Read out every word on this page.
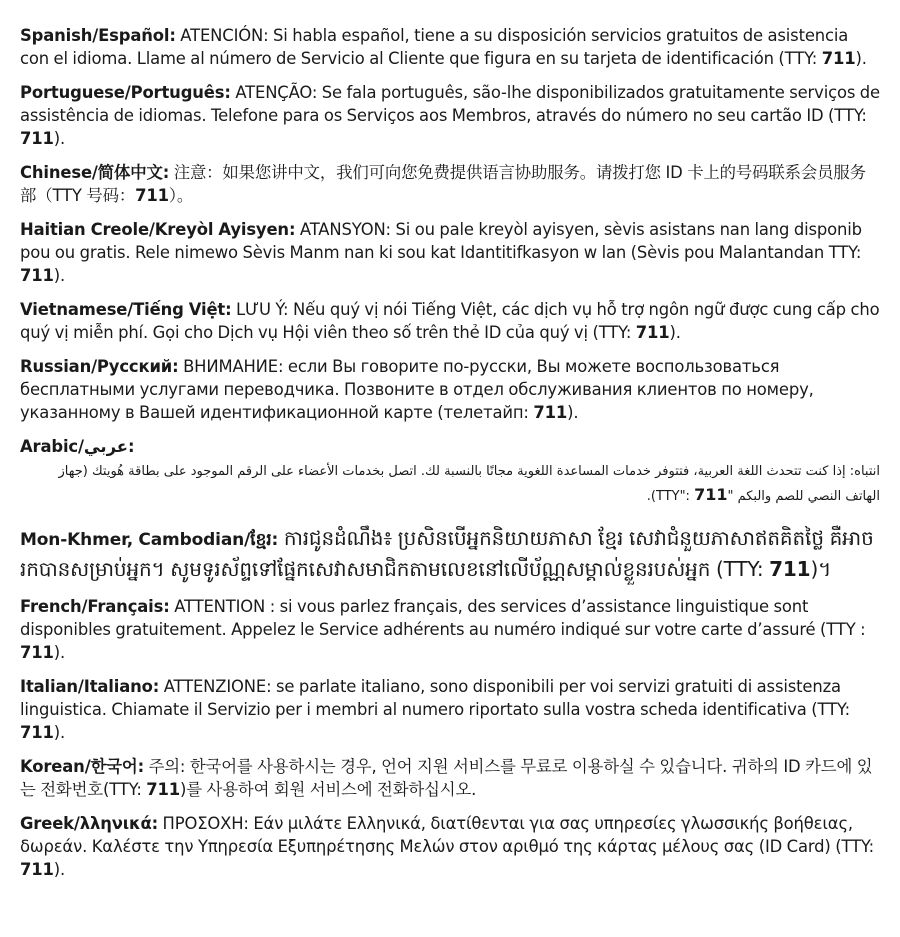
Spanish/Español: ATENCIÓN: Si habla español, tiene a su disposición servicios gratuitos de asistencia con el idioma. Llame al número de Servicio al Cliente que figura en su tarjeta de identificación (TTY: 711).

Portuguese/Português: ATENÇÃO: Se fala português, são-lhe disponibilizados gratuitamente serviços de assistência de idiomas. Telefone para os Serviços aos Membros, através do número no seu cartão ID (TTY: 711).

Chinese/简体中文: 注意：如果您讲中文，我们可向您免费提供语言协助服务。请拨打您 ID 卡上的号码联系会员服务部（TTY 号码：711）。

Haitian Creole/Kreyòl Ayisyen: ATANSYON: Si ou pale kreyòl ayisyen, sèvis asistans nan lang disponib pou ou gratis. Rele nimewo Sèvis Manm nan ki sou kat Idantitifkasyon w lan (Sèvis pou Malantandan TTY: 711).

Vietnamese/Tiếng Việt: LƯU Ý: Nếu quý vị nói Tiếng Việt, các dịch vụ hỗ trợ ngôn ngữ được cung cấp cho quý vị miễn phí. Gọi cho Dịch vụ Hội viên theo số trên thẻ ID của quý vị (TTY: 711).

Russian/Русский: ВНИМАНИЕ: если Вы говорите по-русски, Вы можете воспользоваться бесплатными услугами переводчика. Позвоните в отдел обслуживания клиентов по номеру, указанному в Вашей идентификационной карте (телетайп: 711).

Arabic/عربي:

انتباه: إذا كنت تتحدث اللغة العربية، فتتوفر خدمات المساعدة اللغوية مجانًا بالنسبة لك. اتصل بخدمات الأعضاء على الرقم الموجود على بطاقة هُويتك (جهاز الهاتف النصي للصم والبكم "TTY": 711).

Mon-Khmer, Cambodian/ខ្មែរ: ការជូនដំណឹង៖ ប្រសិនបើអ្នកនិយាយភាសា ខ្មែរ សេវាជំនួយភាសាឥតគិតថ្លៃ គឺអាចរកបានសម្រាប់អ្នក។ សូមទូរស័ព្ទទៅផ្នែកសេវាសមាជិកតាមលេខនៅលើប័ណ្ណសម្គាល់ខ្លួនរបស់អ្នក (TTY: 711)។

French/Français: ATTENTION : si vous parlez français, des services d’assistance linguistique sont disponibles gratuitement. Appelez le Service adhérents au numéro indiqué sur votre carte d’assuré (TTY : 711).

Italian/Italiano: ATTENZIONE: se parlate italiano, sono disponibili per voi servizi gratuiti di assistenza linguistica. Chiamate il Servizio per i membri al numero riportato sulla vostra scheda identificativa (TTY: 711).

Korean/한국어: 주의: 한국어를 사용하시는 경우, 언어 지원 서비스를 무료로 이용하실 수 있습니다. 귀하의 ID 카드에 있는 전화번호(TTY: 711)를 사용하여 회원 서비스에 전화하십시오.

Greek/λληνικά: ΠΡΟΣΟΧΗ: Εάν μιλάτε Ελληνικά, διατίθενται για σας υπηρεσίες γλωσσικής βοήθειας, δωρεάν. Καλέστε την Υπηρεσία Εξυπηρέτησης Μελών στον αριθμό της κάρτας μέλους σας (ID Card) (TTY: 711).
